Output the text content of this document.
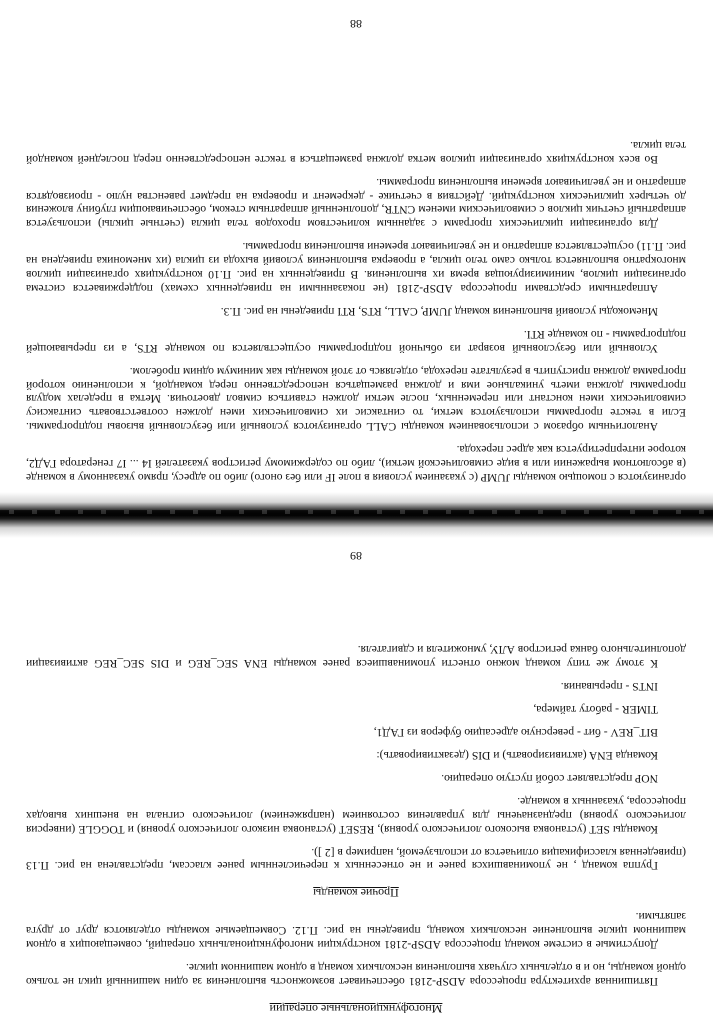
организуются с помощью команды JUMP (с указанием условия в поле IF или без оного) либо по адресу, прямо указанному в команде (в абсолютном выражении или в виде символической метки), либо по содержимому регистров указателей I4 ... I7 генератора ГАД2, которое интерпретируется как адрес перехода.

Аналогичным образом с использованием команды CALL организуются условный или безусловный вызовы подпрограммы. Если в тексте программы используются метки, то синтаксис их символических имен должен соответствовать синтаксису символических имен констант или переменных, после метки должен ставиться символ двоеточия. Метка в пределах модуля программы должна иметь уникальное имя и должна размещаться непосредственно перед командой, к исполнению которой программа должна приступить в результате перехода, отделяясь от этой команды как минимум одним пробелом.

Условный или безусловный возврат из обычной подпрограммы осуществляется по команде RTS, а из прерывающей подпрограммы - по команде RTI.

Мнемокоды условий выполнения команд JUMP, CALL, RTS, RTI приведены на рис. П.3.

Аппаратными средствами процессора ADSP-2181 (не показанными на приведенных схемах) поддерживается система организации циклов, минимизирующая время их выполнения. В приведенных на рис. П.10 конструкциях организации циклов многократно выполняется только само тело цикла, а проверка выполнения условий выхода из цикла (их мнемоника приведена на рис. П.11) осуществляется аппаратно и не увеличивают времени выполнения программы.

Для организации циклических программ с заданным количеством проходов тела цикла (счетные циклы) используется аппаратный счетчик циклов с символическим именем CNTR, дополненный аппаратным стеком, обеспечивающим глубину вложения до четырех циклических конструкций. Действия в счетчике - декремент и проверка на предмет равенства нулю - производятся аппаратно и не увеличивают времени выполнения программы.

Во всех конструкциях организации циклов метка должна размещаться в тексте непосредственно перед последней командой тела цикла.

88
Многофункциональные операции

Пятишинная архитектура процессора ADSP-2181 обеспечивает возможность выполнения за один машинный цикл не только одной команды, но и в отдельных случаях выполнения нескольких команд в одном машинном цикле.

Допустимые в системе команд процессора ADSP-2181 конструкции многофункциональных операций, совмещающих в одном машинном цикле выполнение нескольких команд, приведены на рис. П.12. Совмещаемые команды отделяются друг от друга запятыми.

Прочие команды

Группа команд , не упоминавшихся ранее и не отнесенных к перечисленным ранее классам, представлена на рис. П.13 (приведенная классификация отличается от используемой, например в [2 ]).

Команды SET (установка высокого логического уровня), RESET (установка низкого логического уровня) и TOGGLE (инверсия логического уровня) предназначены для управления состоянием (напряжением) логического сигнала на внешних выводах процессора, указанных в команде.

NOP представляет собой пустую операцию.

Команда ENA (активизировать) и DIS (дезактивировать):

BIT_REV - бит - реверсную адресацию буферов из ГАД1,

TIMER - работу таймера,

INTS - прерывания.

К этому же типу команд можно отнести упоминавшиеся ранее команды ENA SEC_REG и DIS SEC_REG активизации дополнительного банка регистров АЛУ, умножителя и сдвигателя.

89
